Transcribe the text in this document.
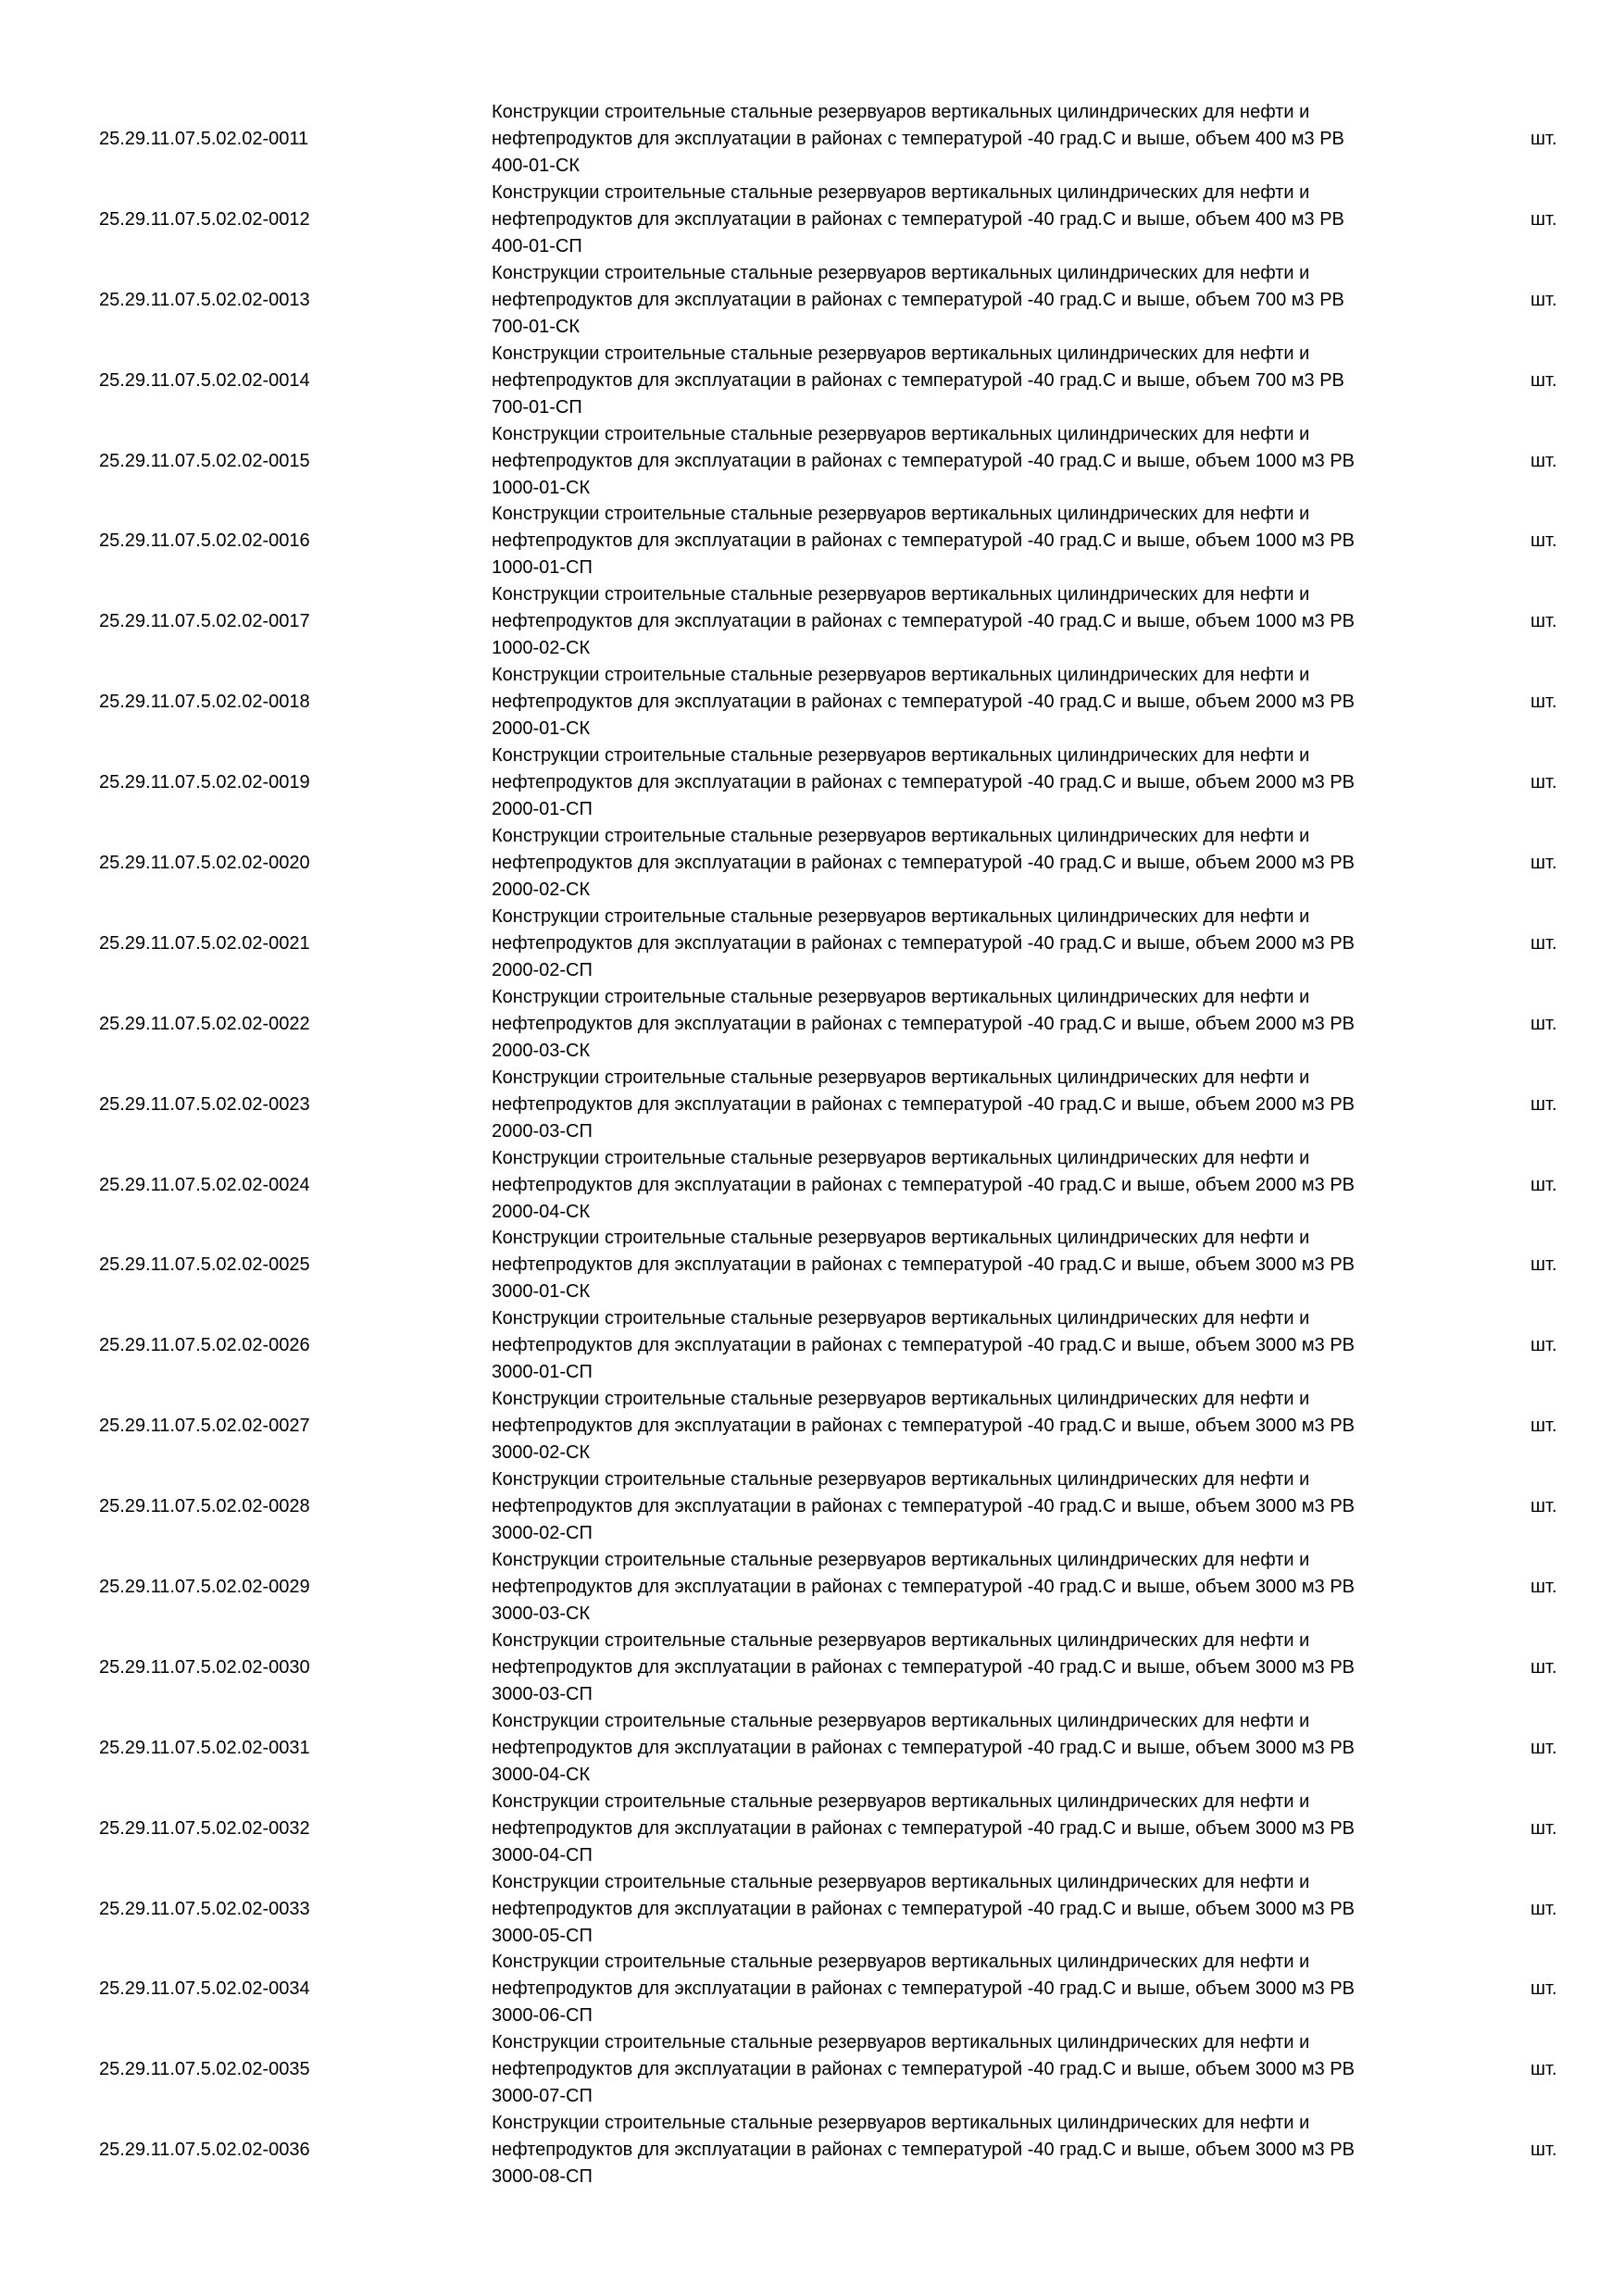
25.29.11.07.5.02.02-0011
Конструкции строительные стальные резервуаров вертикальных цилиндрических для нефти и
нефтепродуктов для эксплуатации в районах с температурой -40 град.С и выше, объем 400 м3 РВ
400-01-СК
шт.
25.29.11.07.5.02.02-0012
Конструкции строительные стальные резервуаров вертикальных цилиндрических для нефти и
нефтепродуктов для эксплуатации в районах с температурой -40 град.С и выше, объем 400 м3 РВ
400-01-СП
шт.
25.29.11.07.5.02.02-0013
Конструкции строительные стальные резервуаров вертикальных цилиндрических для нефти и
нефтепродуктов для эксплуатации в районах с температурой -40 град.С и выше, объем 700 м3 РВ
700-01-СК
шт.
25.29.11.07.5.02.02-0014
Конструкции строительные стальные резервуаров вертикальных цилиндрических для нефти и
нефтепродуктов для эксплуатации в районах с температурой -40 град.С и выше, объем 700 м3 РВ
700-01-СП
шт.
25.29.11.07.5.02.02-0015
Конструкции строительные стальные резервуаров вертикальных цилиндрических для нефти и
нефтепродуктов для эксплуатации в районах с температурой -40 град.С и выше, объем 1000 м3 РВ
1000-01-СК
шт.
25.29.11.07.5.02.02-0016
Конструкции строительные стальные резервуаров вертикальных цилиндрических для нефти и
нефтепродуктов для эксплуатации в районах с температурой -40 град.С и выше, объем 1000 м3 РВ
1000-01-СП
шт.
25.29.11.07.5.02.02-0017
Конструкции строительные стальные резервуаров вертикальных цилиндрических для нефти и
нефтепродуктов для эксплуатации в районах с температурой -40 град.С и выше, объем 1000 м3 РВ
1000-02-СК
шт.
25.29.11.07.5.02.02-0018
Конструкции строительные стальные резервуаров вертикальных цилиндрических для нефти и
нефтепродуктов для эксплуатации в районах с температурой -40 град.С и выше, объем 2000 м3 РВ
2000-01-СК
шт.
25.29.11.07.5.02.02-0019
Конструкции строительные стальные резервуаров вертикальных цилиндрических для нефти и
нефтепродуктов для эксплуатации в районах с температурой -40 град.С и выше, объем 2000 м3 РВ
2000-01-СП
шт.
25.29.11.07.5.02.02-0020
Конструкции строительные стальные резервуаров вертикальных цилиндрических для нефти и
нефтепродуктов для эксплуатации в районах с температурой -40 град.С и выше, объем 2000 м3 РВ
2000-02-СК
шт.
25.29.11.07.5.02.02-0021
Конструкции строительные стальные резервуаров вертикальных цилиндрических для нефти и
нефтепродуктов для эксплуатации в районах с температурой -40 град.С и выше, объем 2000 м3 РВ
2000-02-СП
шт.
25.29.11.07.5.02.02-0022
Конструкции строительные стальные резервуаров вертикальных цилиндрических для нефти и
нефтепродуктов для эксплуатации в районах с температурой -40 град.С и выше, объем 2000 м3 РВ
2000-03-СК
шт.
25.29.11.07.5.02.02-0023
Конструкции строительные стальные резервуаров вертикальных цилиндрических для нефти и
нефтепродуктов для эксплуатации в районах с температурой -40 град.С и выше, объем 2000 м3 РВ
2000-03-СП
шт.
25.29.11.07.5.02.02-0024
Конструкции строительные стальные резервуаров вертикальных цилиндрических для нефти и
нефтепродуктов для эксплуатации в районах с температурой -40 град.С и выше, объем 2000 м3 РВ
2000-04-СК
шт.
25.29.11.07.5.02.02-0025
Конструкции строительные стальные резервуаров вертикальных цилиндрических для нефти и
нефтепродуктов для эксплуатации в районах с температурой -40 град.С и выше, объем 3000 м3 РВ
3000-01-СК
шт.
25.29.11.07.5.02.02-0026
Конструкции строительные стальные резервуаров вертикальных цилиндрических для нефти и
нефтепродуктов для эксплуатации в районах с температурой -40 град.С и выше, объем 3000 м3 РВ
3000-01-СП
шт.
25.29.11.07.5.02.02-0027
Конструкции строительные стальные резервуаров вертикальных цилиндрических для нефти и
нефтепродуктов для эксплуатации в районах с температурой -40 град.С и выше, объем 3000 м3 РВ
3000-02-СК
шт.
25.29.11.07.5.02.02-0028
Конструкции строительные стальные резервуаров вертикальных цилиндрических для нефти и
нефтепродуктов для эксплуатации в районах с температурой -40 град.С и выше, объем 3000 м3 РВ
3000-02-СП
шт.
25.29.11.07.5.02.02-0029
Конструкции строительные стальные резервуаров вертикальных цилиндрических для нефти и
нефтепродуктов для эксплуатации в районах с температурой -40 град.С и выше, объем 3000 м3 РВ
3000-03-СК
шт.
25.29.11.07.5.02.02-0030
Конструкции строительные стальные резервуаров вертикальных цилиндрических для нефти и
нефтепродуктов для эксплуатации в районах с температурой -40 град.С и выше, объем 3000 м3 РВ
3000-03-СП
шт.
25.29.11.07.5.02.02-0031
Конструкции строительные стальные резервуаров вертикальных цилиндрических для нефти и
нефтепродуктов для эксплуатации в районах с температурой -40 град.С и выше, объем 3000 м3 РВ
3000-04-СК
шт.
25.29.11.07.5.02.02-0032
Конструкции строительные стальные резервуаров вертикальных цилиндрических для нефти и
нефтепродуктов для эксплуатации в районах с температурой -40 град.С и выше, объем 3000 м3 РВ
3000-04-СП
шт.
25.29.11.07.5.02.02-0033
Конструкции строительные стальные резервуаров вертикальных цилиндрических для нефти и
нефтепродуктов для эксплуатации в районах с температурой -40 град.С и выше, объем 3000 м3 РВ
3000-05-СП
шт.
25.29.11.07.5.02.02-0034
Конструкции строительные стальные резервуаров вертикальных цилиндрических для нефти и
нефтепродуктов для эксплуатации в районах с температурой -40 град.С и выше, объем 3000 м3 РВ
3000-06-СП
шт.
25.29.11.07.5.02.02-0035
Конструкции строительные стальные резервуаров вертикальных цилиндрических для нефти и
нефтепродуктов для эксплуатации в районах с температурой -40 град.С и выше, объем 3000 м3 РВ
3000-07-СП
шт.
25.29.11.07.5.02.02-0036
Конструкции строительные стальные резервуаров вертикальных цилиндрических для нефти и
нефтепродуктов для эксплуатации в районах с температурой -40 град.С и выше, объем 3000 м3 РВ
3000-08-СП
шт.
